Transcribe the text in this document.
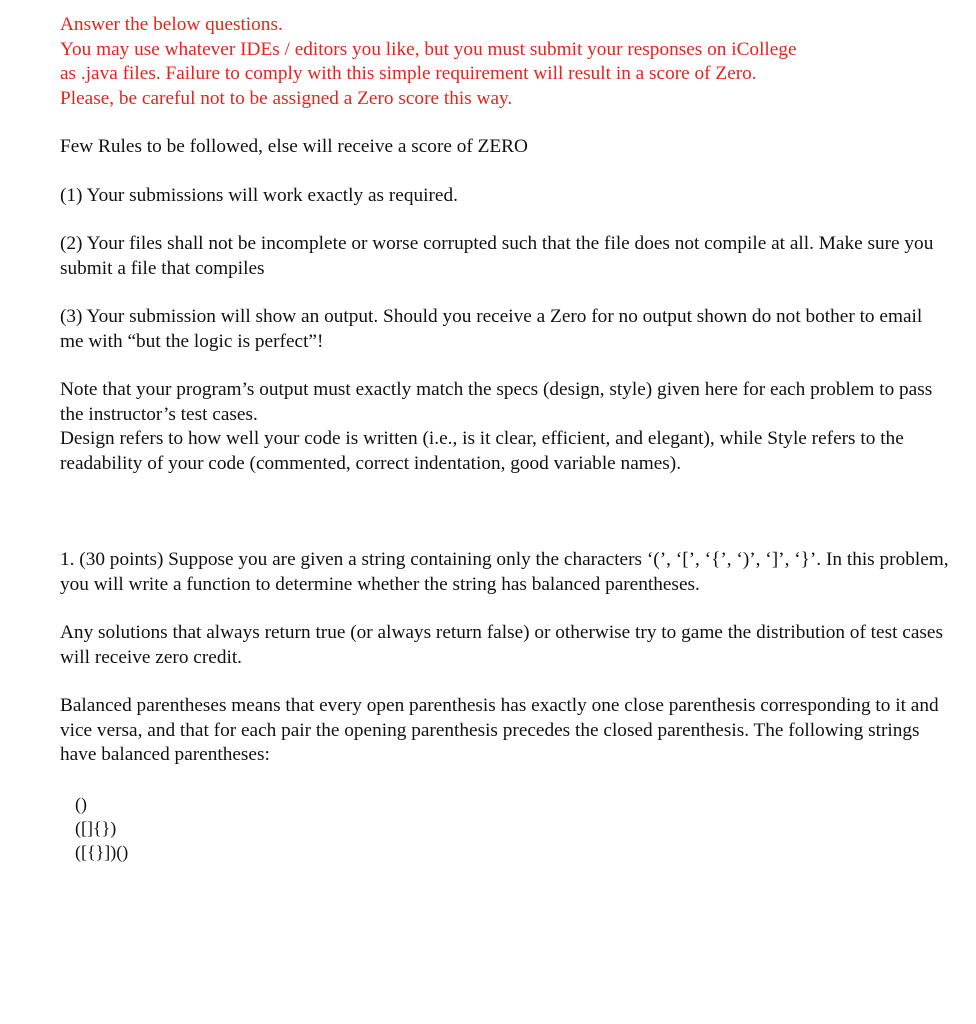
Answer the below questions.
You may use whatever IDEs / editors you like, but you must submit your responses on iCollege
as .java files. Failure to comply with this simple requirement will result in a score of Zero.
Please, be careful not to be assigned a Zero score this way.

Few Rules to be followed, else will receive a score of ZERO

(1) Your submissions will work exactly as required.

(2) Your files shall not be incomplete or worse corrupted such that the file does not compile at all. Make sure you submit a file that compiles

(3) Your submission will show an output. Should you receive a Zero for no output shown do not bother to email me with “but the logic is perfect”!

Note that your program’s output must exactly match the specs (design, style) given here for each problem to pass the instructor’s test cases.

Design refers to how well your code is written (i.e., is it clear, efficient, and elegant), while Style refers to the readability of your code (commented, correct indentation, good variable names).

1. (30 points) Suppose you are given a string containing only the characters ‘(’, ‘[’, ‘{’, ‘)’, ‘]’, ‘}’. In this problem, you will write a function to determine whether the string has balanced parentheses.

Any solutions that always return true (or always return false) or otherwise try to game the distribution of test cases will receive zero credit.

Balanced parentheses means that every open parenthesis has exactly one close parenthesis corresponding to it and vice versa, and that for each pair the opening parenthesis precedes the closed parenthesis. The following strings have balanced parentheses:

()
([]{})
([{}])()
